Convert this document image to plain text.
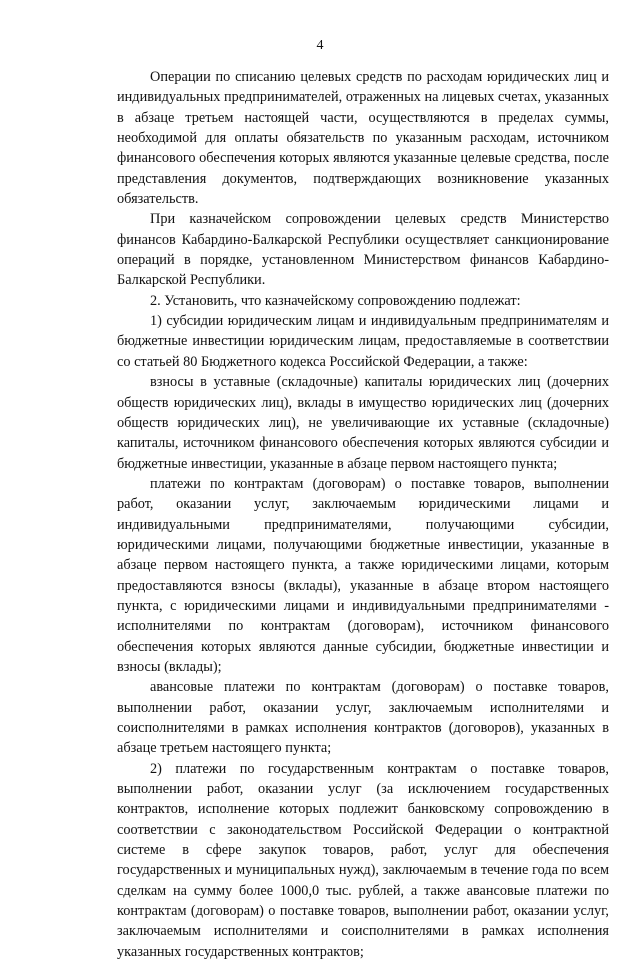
4

Операции по списанию целевых средств по расходам юридических лиц и индивидуальных предпринимателей, отраженных на лицевых счетах, указанных в абзаце третьем настоящей части, осуществляются в пределах суммы, необходимой для оплаты обязательств по указанным расходам, источником финансового обеспечения которых являются указанные целевые средства, после представления документов, подтверждающих возникновение указанных обязательств.

При казначейском сопровождении целевых средств Министерство финансов Кабардино-Балкарской Республики осуществляет санкционирование операций в порядке, установленном Министерством финансов Кабардино-Балкарской Республики.

2. Установить, что казначейскому сопровождению подлежат:

1) субсидии юридическим лицам и индивидуальным предпринимателям и бюджетные инвестиции юридическим лицам, предоставляемые в соответствии со статьей 80 Бюджетного кодекса Российской Федерации, а также:

взносы в уставные (складочные) капиталы юридических лиц (дочерних обществ юридических лиц), вклады в имущество юридических лиц (дочерних обществ юридических лиц), не увеличивающие их уставные (складочные) капиталы, источником финансового обеспечения которых являются субсидии и бюджетные инвестиции, указанные в абзаце первом настоящего пункта;

платежи по контрактам (договорам) о поставке товаров, выполнении работ, оказании услуг, заключаемым юридическими лицами и индивидуальными предпринимателями, получающими субсидии, юридическими лицами, получающими бюджетные инвестиции, указанные в абзаце первом настоящего пункта, а также юридическими лицами, которым предоставляются взносы (вклады), указанные в абзаце втором настоящего пункта, с юридическими лицами и индивидуальными предпринимателями - исполнителями по контрактам (договорам), источником финансового обеспечения которых являются данные субсидии, бюджетные инвестиции и взносы (вклады);

авансовые платежи по контрактам (договорам) о поставке товаров, выполнении работ, оказании услуг, заключаемым исполнителями и соисполнителями в рамках исполнения контрактов (договоров), указанных в абзаце третьем настоящего пункта;

2) платежи по государственным контрактам о поставке товаров, выполнении работ, оказании услуг (за исключением государственных контрактов, исполнение которых подлежит банковскому сопровождению в соответствии с законодательством Российской Федерации о контрактной системе в сфере закупок товаров, работ, услуг для обеспечения государственных и муниципальных нужд), заключаемым в течение года по всем сделкам на сумму более 1000,0 тыс. рублей, а также авансовые платежи по контрактам (договорам) о поставке товаров, выполнении работ, оказании услуг, заключаемым исполнителями и соисполнителями в рамках исполнения указанных государственных контрактов;
